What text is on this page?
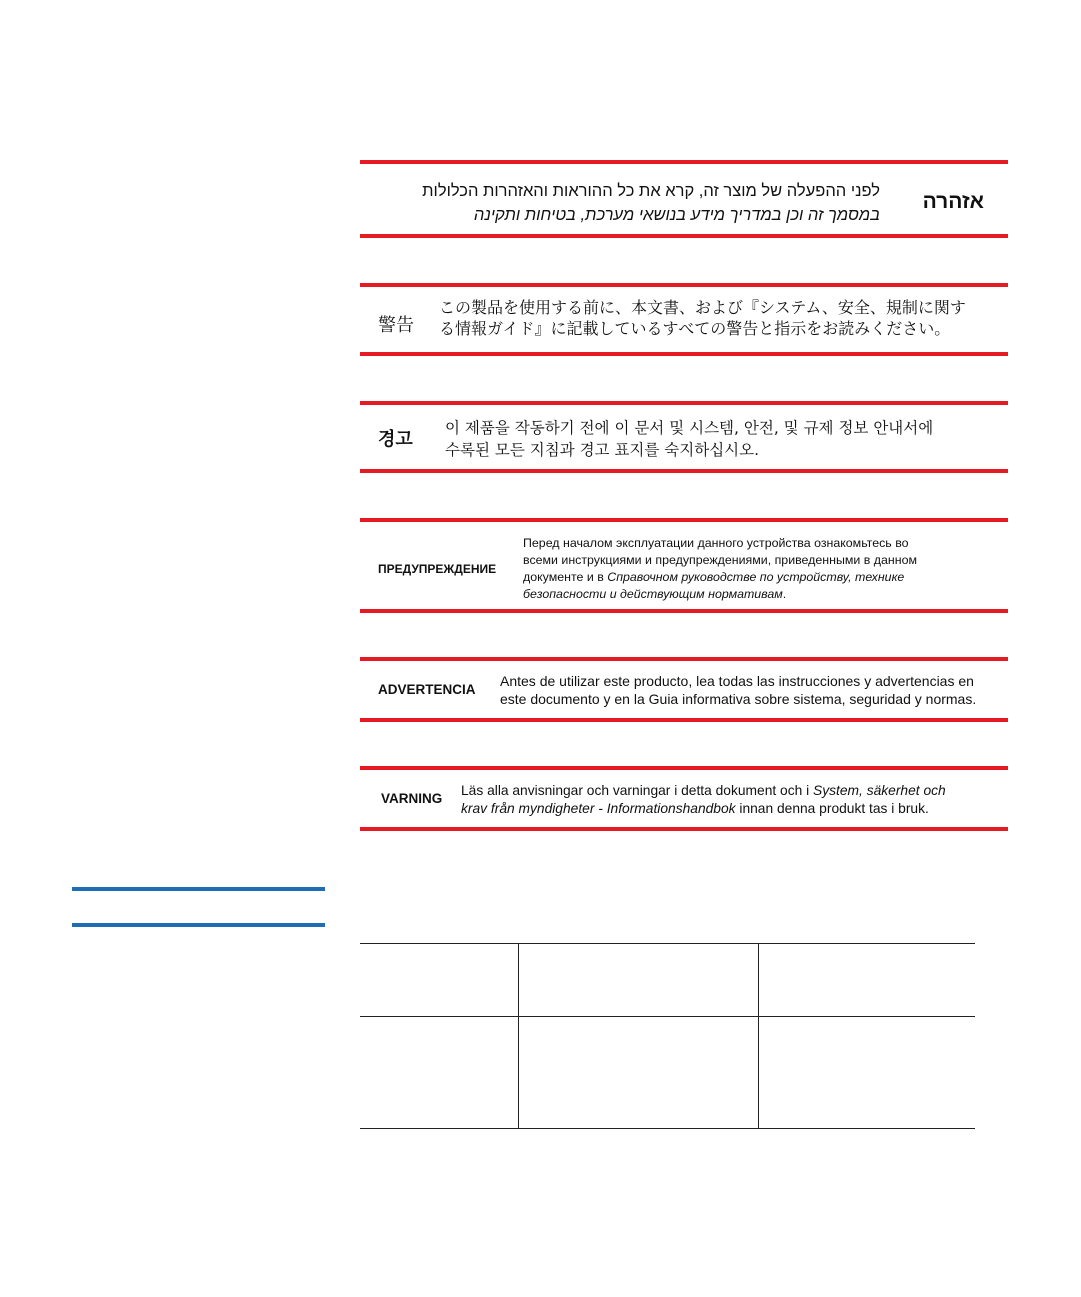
אזהרה
לפני ההפעלה של מוצר זה, קרא את כל ההוראות והאזהרות הכלולות
במסמך זה וכן במדריך מידע בנושאי מערכת, בטיחות ותקינה
警告
この製品を使用する前に、本文書、および『システム、安全、規制に関す
る情報ガイド』に記載しているすべての警告と指示をお読みください。
경고
이 제품을 작동하기 전에 이 문서 및 시스템, 안전, 및 규제 정보 안내서에
수록된 모든 지침과 경고 표지를 숙지하십시오.
ПРЕДУПРЕЖДЕНИЕ
Перед началом эксплуатации данного устройства ознакомьтесь во
всеми инструкциями и предупреждениями, приведенными в данном
документе и в Справочном руководстве по устройству, технике
безопасности и действующим нормативам.
ADVERTENCIA
Antes de utilizar este producto, lea todas las instrucciones y advertencias en
este documento y en la Guia informativa sobre sistema, seguridad y normas.
VARNING
Läs alla anvisningar och varningar i detta dokument och i System, säkerhet och
krav från myndigheter - Informationshandbok innan denna produkt tas i bruk.
